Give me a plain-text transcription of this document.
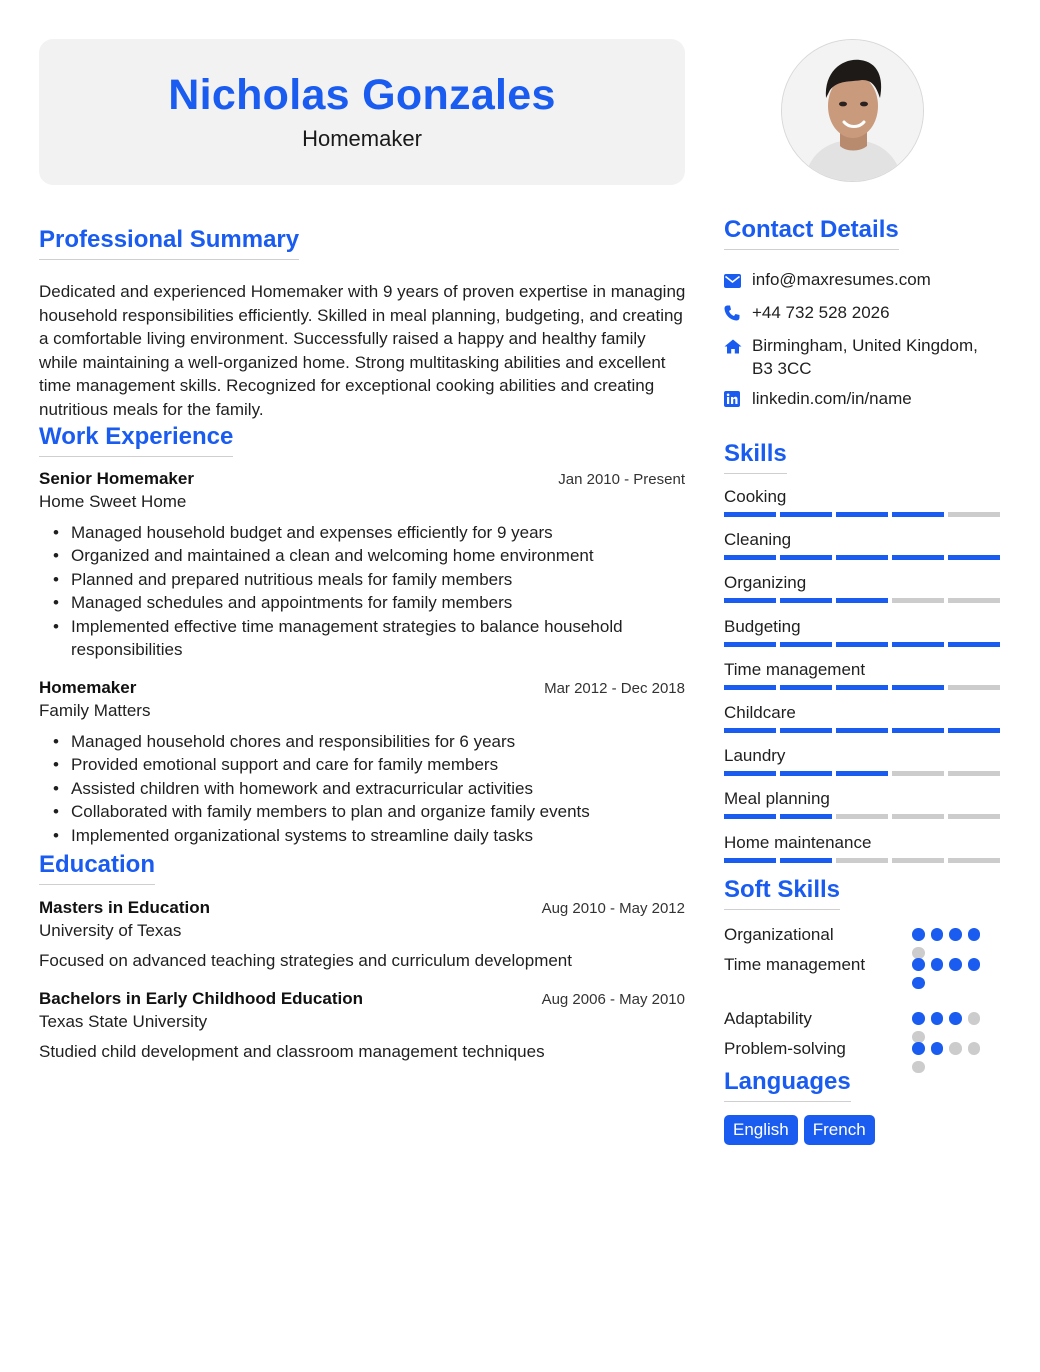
Nicholas Gonzales
Homemaker
Professional Summary
Dedicated and experienced Homemaker with 9 years of proven expertise in managing household responsibilities efficiently. Skilled in meal planning, budgeting, and creating a comfortable living environment. Successfully raised a happy and healthy family while maintaining a well-organized home. Strong multitasking abilities and excellent time management skills. Recognized for exceptional cooking abilities and creating nutritious meals for the family.
Work Experience
Senior Homemaker	Jan 2010 - Present
Home Sweet Home
• Managed household budget and expenses efficiently for 9 years
• Organized and maintained a clean and welcoming home environment
• Planned and prepared nutritious meals for family members
• Managed schedules and appointments for family members
• Implemented effective time management strategies to balance household responsibilities
Homemaker	Mar 2012 - Dec 2018
Family Matters
• Managed household chores and responsibilities for 6 years
• Provided emotional support and care for family members
• Assisted children with homework and extracurricular activities
• Collaborated with family members to plan and organize family events
• Implemented organizational systems to streamline daily tasks
Education
Masters in Education	Aug 2010 - May 2012
University of Texas
Focused on advanced teaching strategies and curriculum development
Bachelors in Early Childhood Education	Aug 2006 - May 2010
Texas State University
Studied child development and classroom management techniques
Contact Details
info@maxresumes.com
+44 732 528 2026
Birmingham, United Kingdom,
B3 3CC
linkedin.com/in/name
Skills
Cooking
Cleaning
Organizing
Budgeting
Time management
Childcare
Laundry
Meal planning
Home maintenance
Soft Skills
Organizational
Time management
Adaptability
Problem-solving
Languages
English	French
